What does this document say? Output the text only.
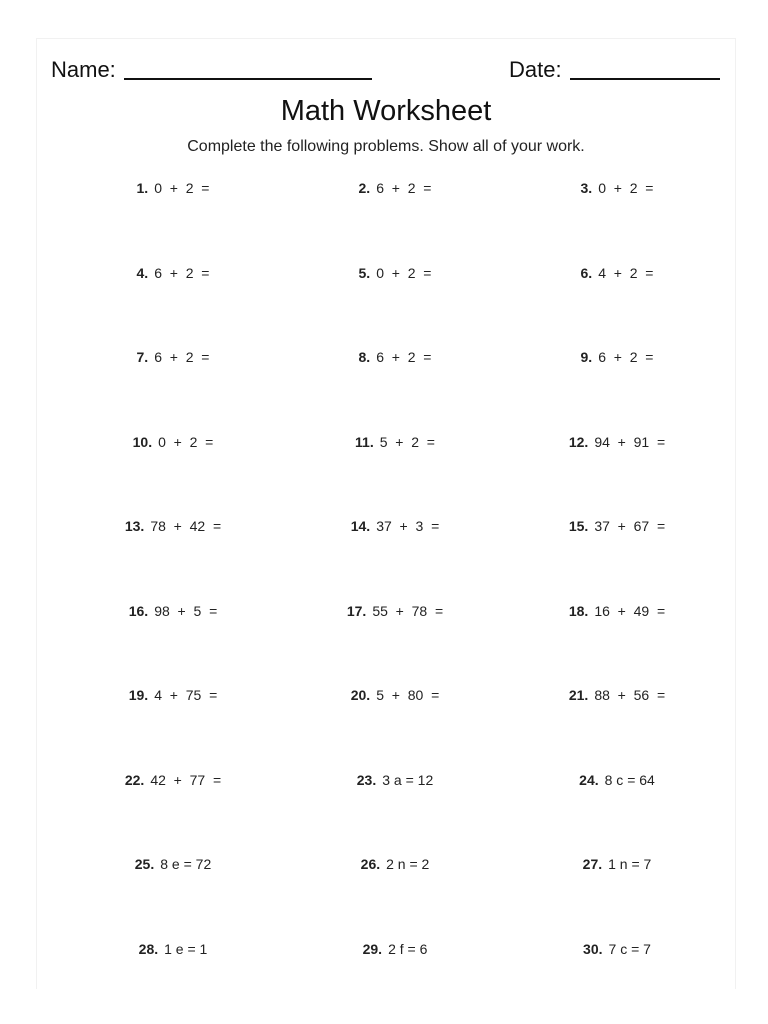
Name:	Date:
Math Worksheet
Complete the following problems. Show all of your work.
1. 0  +  2  =	2. 6  +  2  =	3. 0  +  2  =
4. 6  +  2  =	5. 0  +  2  =	6. 4  +  2  =
7. 6  +  2  =	8. 6  +  2  =	9. 6  +  2  =
10. 0  +  2  =	11. 5  +  2  =	12. 94  +  91  =
13. 78  +  42  =	14. 37  +  3  =	15. 37  +  67  =
16. 98  +  5  =	17. 55  +  78  =	18. 16  +  49  =
19. 4  +  75  =	20. 5  +  80  =	21. 88  +  56  =
22. 42  +  77  =	23. 3 a = 12	24. 8 c = 64
25. 8 e = 72	26. 2 n = 2	27. 1 n = 7
28. 1 e = 1	29. 2 f = 6	30. 7 c = 7
